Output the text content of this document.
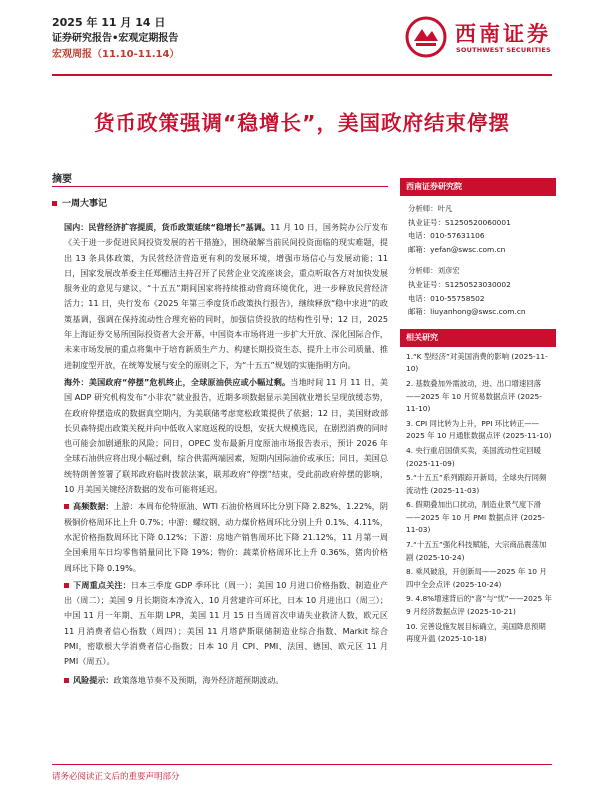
2025 年 11 月 14 日
证券研究报告•宏观定期报告
宏观周报（11.10-11.14）
西南证券
SOUTHWEST SECURITIES
货币政策强调“稳增长”，美国政府结束停摆
摘要
一周大事记

国内：民营经济扩容提质，货币政策延续“稳增长”基调。11 月 10 日，国务院办公厅发布《关于进一步促进民间投资发展的若干措施》，围绕破解当前民间投资面临的现实难题，提出 13 条具体政策，为民营经济营造更有利的发展环境，增强市场信心与发展动能；11 日，国家发展改革委主任郑栅洁主持召开了民营企业交流座谈会，重点听取各方对加快发展服务业的意见与建议，“十五五”期间国家将持续推动营商环境优化，进一步释放民营经济活力；11 日，央行发布《2025 年第三季度货币政策执行报告》，继续释放“稳中求进”的政策基调，强调在保持流动性合理充裕的同时，加强信贷投放的结构性引导；12 日，2025 年上海证券交易所国际投资者大会开幕，中国资本市场将进一步扩大开放、深化国际合作，未来市场发展的重点将集中于培育新质生产力、构建长期投资生态、提升上市公司质量、推进制度型开放，在统筹发展与安全的原则之下，为“十五五”规划的实施指明方向。

海外：美国政府“停摆”危机终止，全球原油供应或小幅过剩。当地时间 11 月 11 日，美国 ADP 研究机构发布“小非农”就业报告，近期多项数据显示美国就业增长呈现放缓态势，在政府停摆造成的数据真空期内，为美联储考虑宽松政策提供了依据；12 日，美国财政部长贝森特提出政策关税并向中低收入家庭返税的设想，安抚大规模选民，在剧烈消费的同时也可能会加剧通胀的风险；同日，OPEC 发布最新月度原油市场报告表示，预计 2026 年全球石油供应将出现小幅过剩，综合供需两端因素，短期内国际油价或承压；同日，美国总统特朗普签署了联邦政府临时拨款法案，联邦政府“停摆”结束，受此前政府停摆的影响，10 月美国关键经济数据的发布可能将延迟。

高频数据：上游：本周布伦特原油、WTI 石油价格周环比分别下降 2.82%、1.22%，阴极铜价格周环比上升 0.7%；中游：螺纹钢、动力煤价格周环比分别上升 0.1%、4.11%，水泥价格指数周环比下降 0.12%；下游：房地产销售周环比下降 21.12%，11 月第一周全国乘用车日均零售销量同比下降 19%；物价：蔬菜价格周环比上升 0.36%，猪肉价格周环比下降 0.19%。

下周重点关注：日本三季度 GDP 季环比（周一）；美国 10 月进口价格指数、制造业产出（周二）；美国 9 月长期资本净流入、10 月营建许可环比，日本 10 月进出口（周三）；中国 11 月一年期、五年期 LPR，美国 11 月 15 日当周首次申请失业救济人数，欧元区 11 月消费者信心指数（周四）；美国 11 月塔萨斯联储制造业综合指数、Markit 综合 PMI，密歇根大学消费者信心指数；日本 10 月 CPI、PMI、法国、德国、欧元区 11 月 PMI（周五）。

风险提示：政策落地节奏不及预期，海外经济超预期波动。

西南证券研究院
分析师：叶凡
执业证号：S1250520060001
电话：010-57631106
邮箱：yefan@swsc.com.cn
分析师：刘彦宏
执业证号：S1250523030002
电话：010-55758502
邮箱：liuyanhong@swsc.com.cn
相关研究
1.“K 型经济”对美国消费的影响 (2025-11-10)
2. 基数叠加外需波动，进、出口增速回落——2025 年 10 月贸易数据点评 (2025-11-10)
3. CPI 同比转为上升，PPI 环比转正——2025 年 10 月通胀数据点评 (2025-11-10)
4. 央行重启国债买卖，美国流动性定回暖 (2025-11-09)
5.“十五五”系列跟踪开新局，全球央行同频流动性 (2025-11-03)
6. 假期叠加出口扰动，制造业景气度下滑——2025 年 10 月 PMI 数据点评 (2025-11-03)
7.“十五五”强化科技赋能，大宗商品震荡加剧 (2025-10-24)
8. 乘风破浪，开创新局——2025 年 10 月四中全会点评 (2025-10-24)
9. 4.8%增速背后的“喜”与“忧”——2025 年 9 月经济数据点评 (2025-10-21)
10. 完善设施发展目标确立，美国降息预期再度升温 (2025-10-18)
请务必阅读正文后的重要声明部分
